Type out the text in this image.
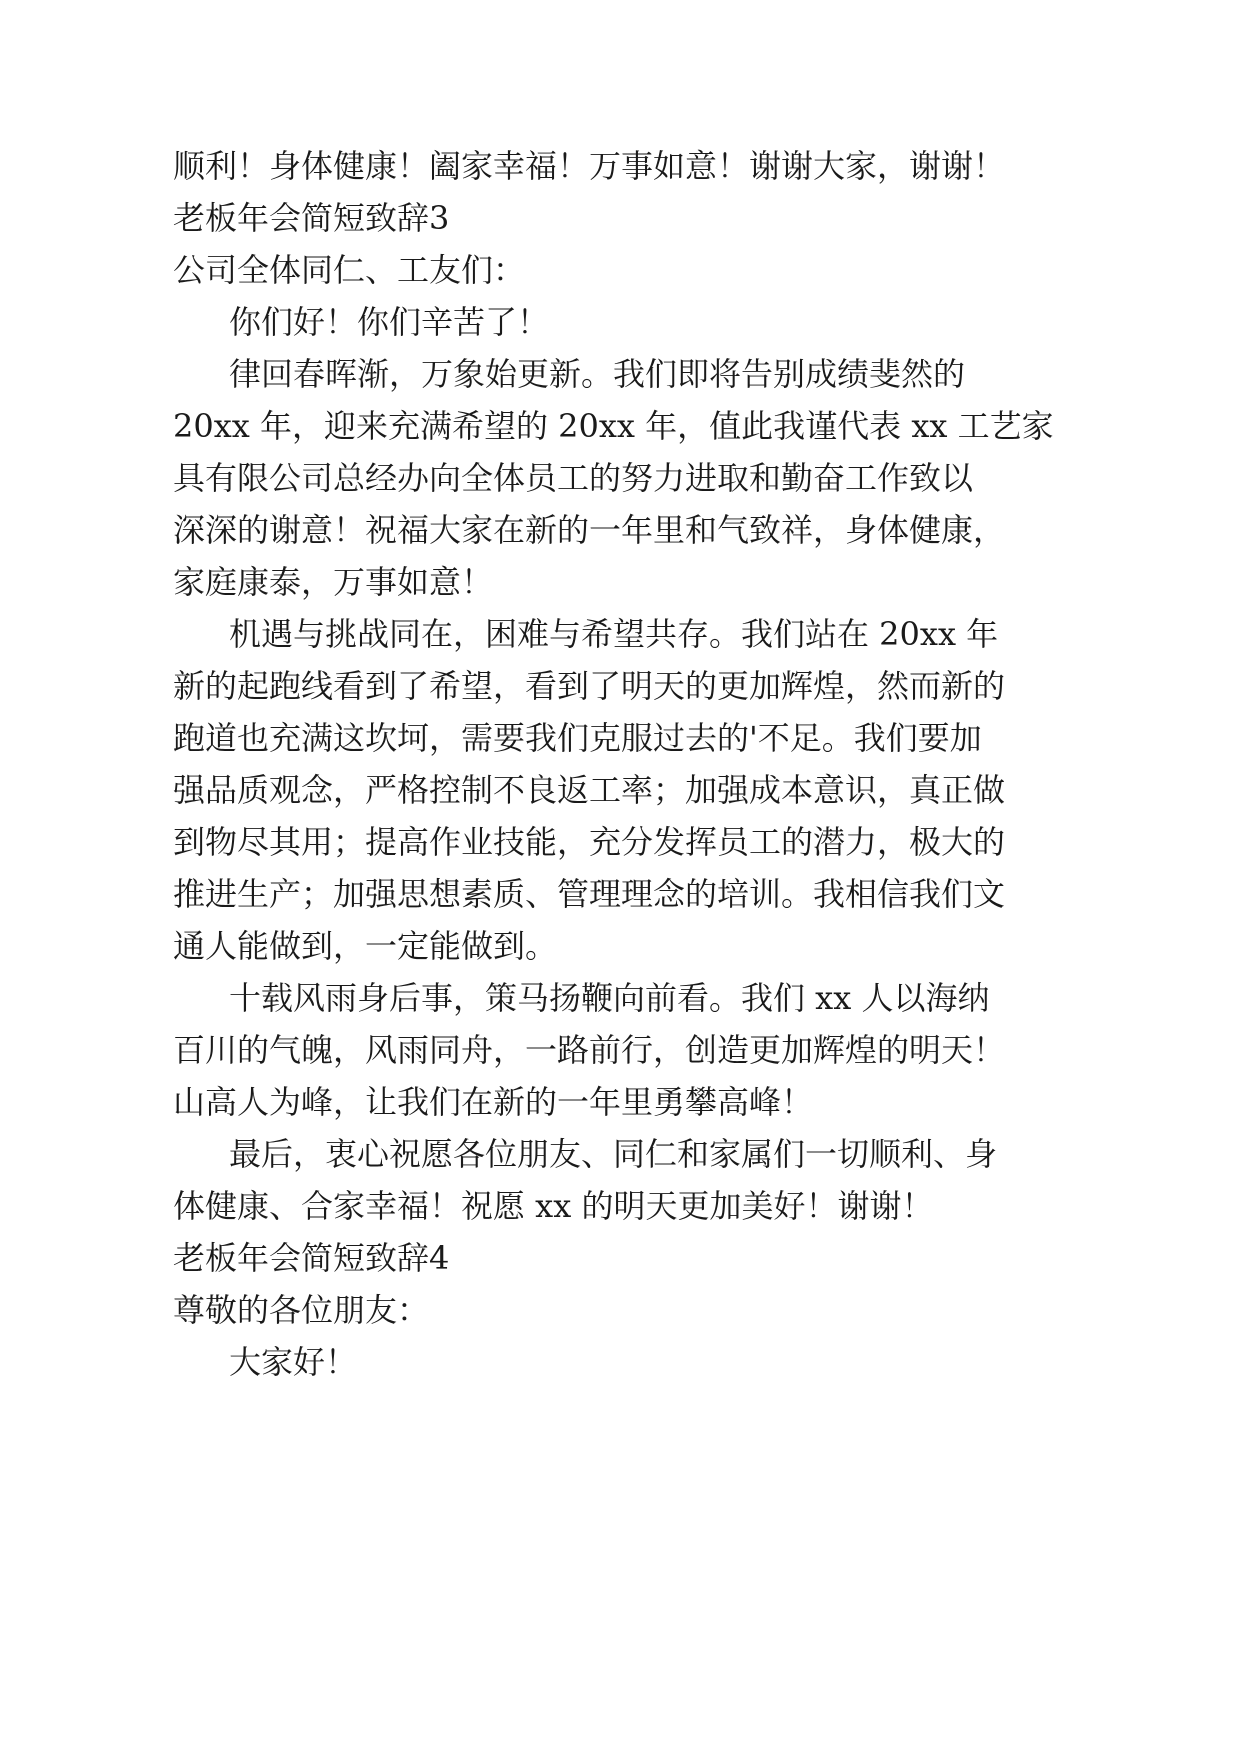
顺利！身体健康！阖家幸福！万事如意！谢谢大家，谢谢！
老板年会简短致辞3
公司全体同仁、工友们：
你们好！你们辛苦了！
律回春晖渐，万象始更新。我们即将告别成绩斐然的
20xx 年，迎来充满希望的 20xx 年，值此我谨代表 xx 工艺家
具有限公司总经办向全体员工的努力进取和勤奋工作致以
深深的谢意！祝福大家在新的一年里和气致祥，身体健康，
家庭康泰，万事如意！
机遇与挑战同在，困难与希望共存。我们站在 20xx 年
新的起跑线看到了希望，看到了明天的更加辉煌，然而新的
跑道也充满这坎坷，需要我们克服过去的'不足。我们要加
强品质观念，严格控制不良返工率；加强成本意识，真正做
到物尽其用；提高作业技能，充分发挥员工的潜力，极大的
推进生产；加强思想素质、管理理念的培训。我相信我们文
通人能做到，一定能做到。
十载风雨身后事，策马扬鞭向前看。我们 xx 人以海纳
百川的气魄，风雨同舟，一路前行，创造更加辉煌的明天！
山高人为峰，让我们在新的一年里勇攀高峰！
最后，衷心祝愿各位朋友、同仁和家属们一切顺利、身
体健康、合家幸福！祝愿 xx 的明天更加美好！谢谢！
老板年会简短致辞4
尊敬的各位朋友：
大家好！
